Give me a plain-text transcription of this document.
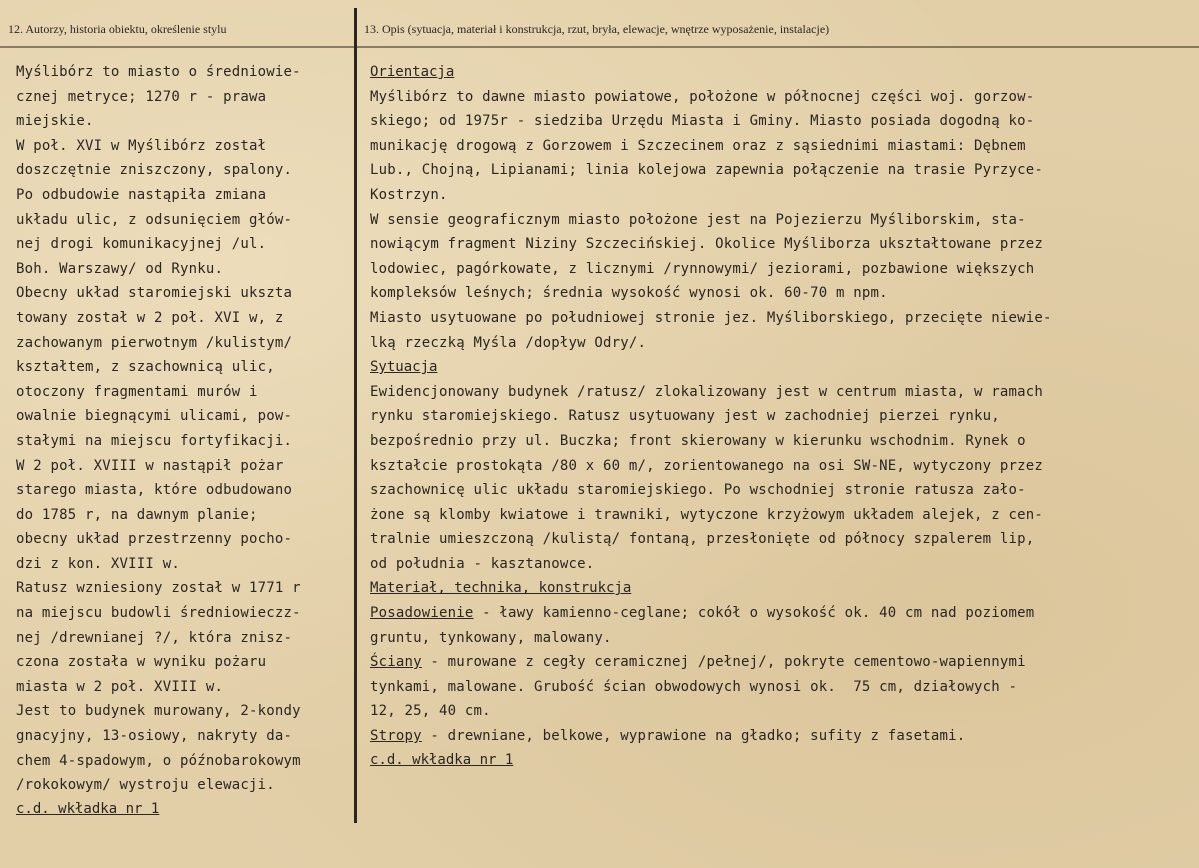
12. Autorzy, historia obiektu, określenie stylu	13. Opis (sytuacja, materiał i konstrukcja, rzut, bryła, elewacje, wnętrze wyposażenie, instalacje)
Myślibórz to miasto o średniowie-
cznej metryce; 1270 r - prawa
miejskie.
W poł. XVI w Myślibórz został
doszczętnie zniszczony, spalony.
Po odbudowie nastąpiła zmiana
układu ulic, z odsunięciem głów-
nej drogi komunikacyjnej /ul.
Boh. Warszawy/ od Rynku.
Obecny układ staromiejski ukszta
towany został w 2 poł. XVI w, z
zachowanym pierwotnym /kulistym/
kształtem, z szachownicą ulic,
otoczony fragmentami murów i
owalnie biegnącymi ulicami, pow-
stałymi na miejscu fortyfikacji.
W 2 poł. XVIII w nastąpił pożar
starego miasta, które odbudowano
do 1785 r, na dawnym planie;
obecny układ przestrzenny pocho-
dzi z kon. XVIII w.
Ratusz wzniesiony został w 1771 r
na miejscu budowli średniowieczz-
nej /drewnianej ?/, która znisz-
czona została w wyniku pożaru
miasta w 2 poł. XVIII w.
Jest to budynek murowany, 2-kondy
gnacyjny, 13-osiowy, nakryty da-
chem 4-spadowym, o późnobarokowym
/rokokowym/ wystroju elewacji.
c.d. wkładka nr 1
Orientacja
Myślibórz to dawne miasto powiatowe, położone w północnej części woj. gorzow-
skiego; od 1975r - siedziba Urzędu Miasta i Gminy. Miasto posiada dogodną ko-
munikację drogową z Gorzowem i Szczecinem oraz z sąsiednimi miastami: Dębnem
Lub., Chojną, Lipianami; linia kolejowa zapewnia połączenie na trasie Pyrzyce-
Kostrzyn.
W sensie geograficznym miasto położone jest na Pojezierzu Myśliborskim, sta-
nowiącym fragment Niziny Szczecińskiej. Okolice Myśliborza ukształtowane przez
lodowiec, pagórkowate, z licznymi /rynnowymi/ jeziorami, pozbawione większych
kompleksów leśnych; średnia wysokość wynosi ok. 60-70 m npm.
Miasto usytuowane po południowej stronie jez. Myśliborskiego, przecięte niewie-
lką rzeczką Myśla /dopływ Odry/.
Sytuacja
Ewidencjonowany budynek /ratusz/ zlokalizowany jest w centrum miasta, w ramach
rynku staromiejskiego. Ratusz usytuowany jest w zachodniej pierzei rynku,
bezpośrednio przy ul. Buczka; front skierowany w kierunku wschodnim. Rynek o
kształcie prostokąta /80 x 60 m/, zorientowanego na osi SW-NE, wytyczony przez
szachownicę ulic układu staromiejskiego. Po wschodniej stronie ratusza zało-
żone są klomby kwiatowe i trawniki, wytyczone krzyżowym układem alejek, z cen-
tralnie umieszczoną /kulistą/ fontaną, przesłonięte od północy szpalerem lip,
od południa - kasztanowce.
Materiał, technika, konstrukcja
Posadowienie - ławy kamienno-ceglane; cokół o wysokość ok. 40 cm nad poziomem
gruntu, tynkowany, malowany.
Ściany - murowane z cegły ceramicznej /pełnej/, pokryte cementowo-wapiennymi
tynkami, malowane. Grubość ścian obwodowych wynosi ok.  75 cm, działowych -
12, 25, 40 cm.
Stropy - drewniane, belkowe, wyprawione na gładko; sufity z fasetami.
c.d. wkładka nr 1
